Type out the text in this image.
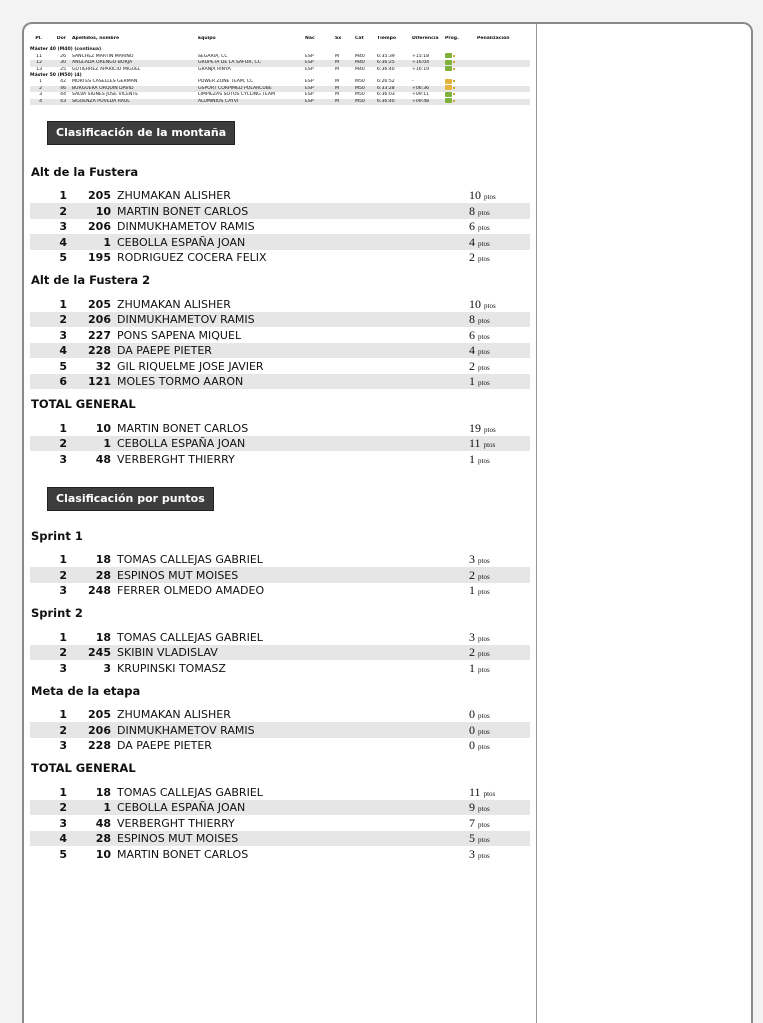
Pl.	Dor	Apellidos, nombre	Equipo	Nac	Sx	Cat	Tiempo	Diferencia	Prog.	Penalización
Máster 40 (M40) (continua)
11	26	SANCHEZ MARTIN MARINO	SEGARIA, CC	ESP	M	M40	6:35:39	+15:18
12	30	ANGLADA ORENGO BORJA	GRUPETA DE LA SAFOR, CC	ESP	M	M40	6:36:25	+16:04
13	25	GUTIERREZ APARICIO MIGUEL	GRANJA RINYA	ESP	M	M40	6:36:40	+16:19
Máster 50 (M50) (4)
1	42	MORTES CASELLES GERMAN	POWER ZONE TEAM, CC	ESP	M	M50	6:26:52	-
2	46	BURGUERA ORQUIN DAVID	GSPORT CORPIMED POLARCUBE	ESP	M	M50	6:33:28	+06:36
3	44	SALVA SIGNES JOSE VICENTE	LIMPIEZAS SOTOS CYCLING TEAM	ESP	M	M50	6:36:03	+09:11
4	43	SIGUENZA POVEDA RAUL	ALUMINIOS CAYVI	ESP	M	M50	6:36:40	+09:48
Clasificación de la montaña
Alt de la Fustera
1	205 ZHUMAKAN ALISHER	10 ptos
2	10 MARTIN BONET CARLOS	8 ptos
3	206 DINMUKHAMETOV RAMIS	6 ptos
4	1 CEBOLLA ESPAÑA JOAN	4 ptos
5	195 RODRIGUEZ COCERA FELIX	2 ptos
Alt de la Fustera 2
1	205 ZHUMAKAN ALISHER	10 ptos
2	206 DINMUKHAMETOV RAMIS	8 ptos
3	227 PONS SAPENA MIQUEL	6 ptos
4	228 DA PAEPE PIETER	4 ptos
5	32 GIL RIQUELME JOSE JAVIER	2 ptos
6	121 MOLES TORMO AARON	1 ptos
TOTAL GENERAL
1	10 MARTIN BONET CARLOS	19 ptos
2	1 CEBOLLA ESPAÑA JOAN	11 ptos
3	48 VERBERGHT THIERRY	1 ptos
Clasificación por puntos
Sprint 1
1	18 TOMAS CALLEJAS GABRIEL	3 ptos
2	28 ESPINOS MUT MOISES	2 ptos
3	248 FERRER OLMEDO AMADEO	1 ptos
Sprint 2
1	18 TOMAS CALLEJAS GABRIEL	3 ptos
2	245 SKIBIN VLADISLAV	2 ptos
3	3 KRUPINSKI TOMASZ	1 ptos
Meta de la etapa
1	205 ZHUMAKAN ALISHER	0 ptos
2	206 DINMUKHAMETOV RAMIS	0 ptos
3	228 DA PAEPE PIETER	0 ptos
TOTAL GENERAL
1	18 TOMAS CALLEJAS GABRIEL	11 ptos
2	1 CEBOLLA ESPAÑA JOAN	9 ptos
3	48 VERBERGHT THIERRY	7 ptos
4	28 ESPINOS MUT MOISES	5 ptos
5	10 MARTIN BONET CARLOS	3 ptos
